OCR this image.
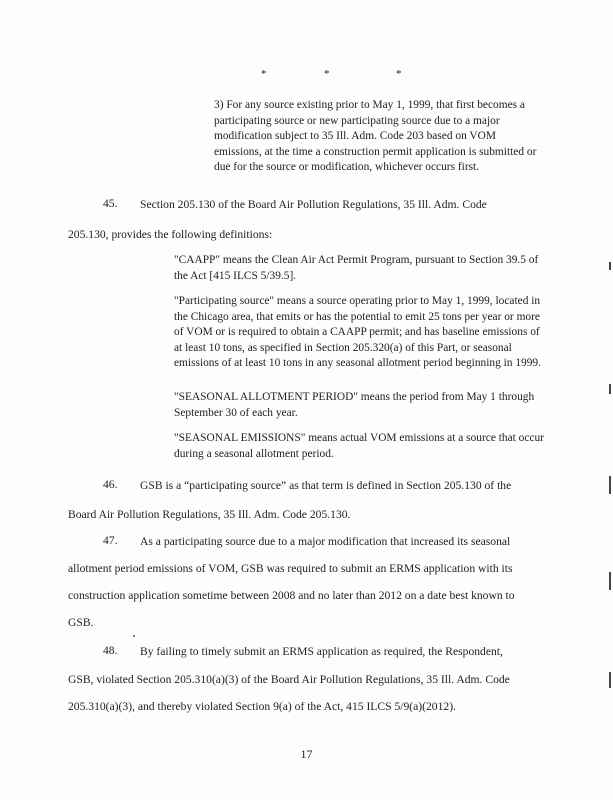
*	*	*
3) For any source existing prior to May 1, 1999, that first becomes a participating source or new participating source due to a major modification subject to 35 Ill. Adm. Code 203 based on VOM emissions, at the time a construction permit application is submitted or due for the source or modification, whichever occurs first.
45. Section 205.130 of the Board Air Pollution Regulations, 35 Ill. Adm. Code
205.130, provides the following definitions:
"CAAPP" means the Clean Air Act Permit Program, pursuant to Section 39.5 of the Act [415 ILCS 5/39.5].
"Participating source" means a source operating prior to May 1, 1999, located in the Chicago area, that emits or has the potential to emit 25 tons per year or more of VOM or is required to obtain a CAAPP permit; and has baseline emissions of at least 10 tons, as specified in Section 205.320(a) of this Part, or seasonal emissions of at least 10 tons in any seasonal allotment period beginning in 1999.
"SEASONAL ALLOTMENT PERIOD" means the period from May 1 through September 30 of each year.
"SEASONAL EMISSIONS" means actual VOM emissions at a source that occur during a seasonal allotment period.
46. GSB is a “participating source” as that term is defined in Section 205.130 of the
Board Air Pollution Regulations, 35 Ill. Adm. Code 205.130.
47. As a participating source due to a major modification that increased its seasonal
allotment period emissions of VOM, GSB was required to submit an ERMS application with its
construction application sometime between 2008 and no later than 2012 on a date best known to
GSB.
48. By failing to timely submit an ERMS application as required, the Respondent,
GSB, violated Section 205.310(a)(3) of the Board Air Pollution Regulations, 35 Ill. Adm. Code
205.310(a)(3), and thereby violated Section 9(a) of the Act, 415 ILCS 5/9(a)(2012).
17
